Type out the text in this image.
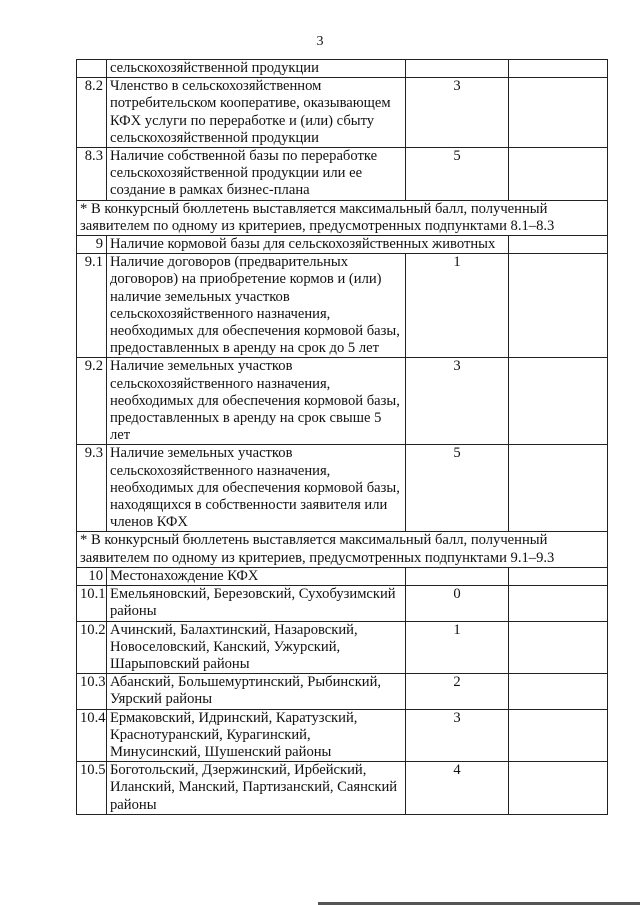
3
	сельскохозяйственной продукции		
8.2	Членство в сельскохозяйственном потребительском кооперативе, оказывающем КФХ услуги по переработке и (или) сбыту сельскохозяйственной продукции	3	
8.3	Наличие собственной базы по переработке сельскохозяйственной продукции или ее создание в рамках бизнес-плана	5	
* В конкурсный бюллетень выставляется максимальный балл, полученный заявителем по одному из критериев, предусмотренных подпунктами 8.1–8.3			
9	Наличие кормовой базы для сельскохозяйственных животных		
9.1	Наличие договоров (предварительных договоров) на приобретение кормов и (или) наличие земельных участков сельскохозяйственного назначения, необходимых для обеспечения кормовой базы, предоставленных в аренду на срок до 5 лет	1	
9.2	Наличие земельных участков сельскохозяйственного назначения, необходимых для обеспечения кормовой базы, предоставленных в аренду на срок свыше 5 лет	3	
9.3	Наличие земельных участков сельскохозяйственного назначения, необходимых для обеспечения кормовой базы, находящихся в собственности заявителя или членов КФХ	5	
* В конкурсный бюллетень выставляется максимальный балл, полученный заявителем по одному из критериев, предусмотренных подпунктами 9.1–9.3			
10	Местонахождение КФХ		
10.1	Емельяновский, Березовский, Сухобузимский районы	0	
10.2	Ачинский, Балахтинский, Назаровский, Новоселовский, Канский, Ужурский, Шарыповский районы	1	
10.3	Абанский, Большемуртинский, Рыбинский, Уярский районы	2	
10.4	Ермаковский, Идринский, Каратузский, Краснотуранский, Курагинский, Минусинский, Шушенский районы	3	
10.5	Боготольский, Дзержинский, Ирбейский, Иланский, Манский, Партизанский, Саянский районы	4	
